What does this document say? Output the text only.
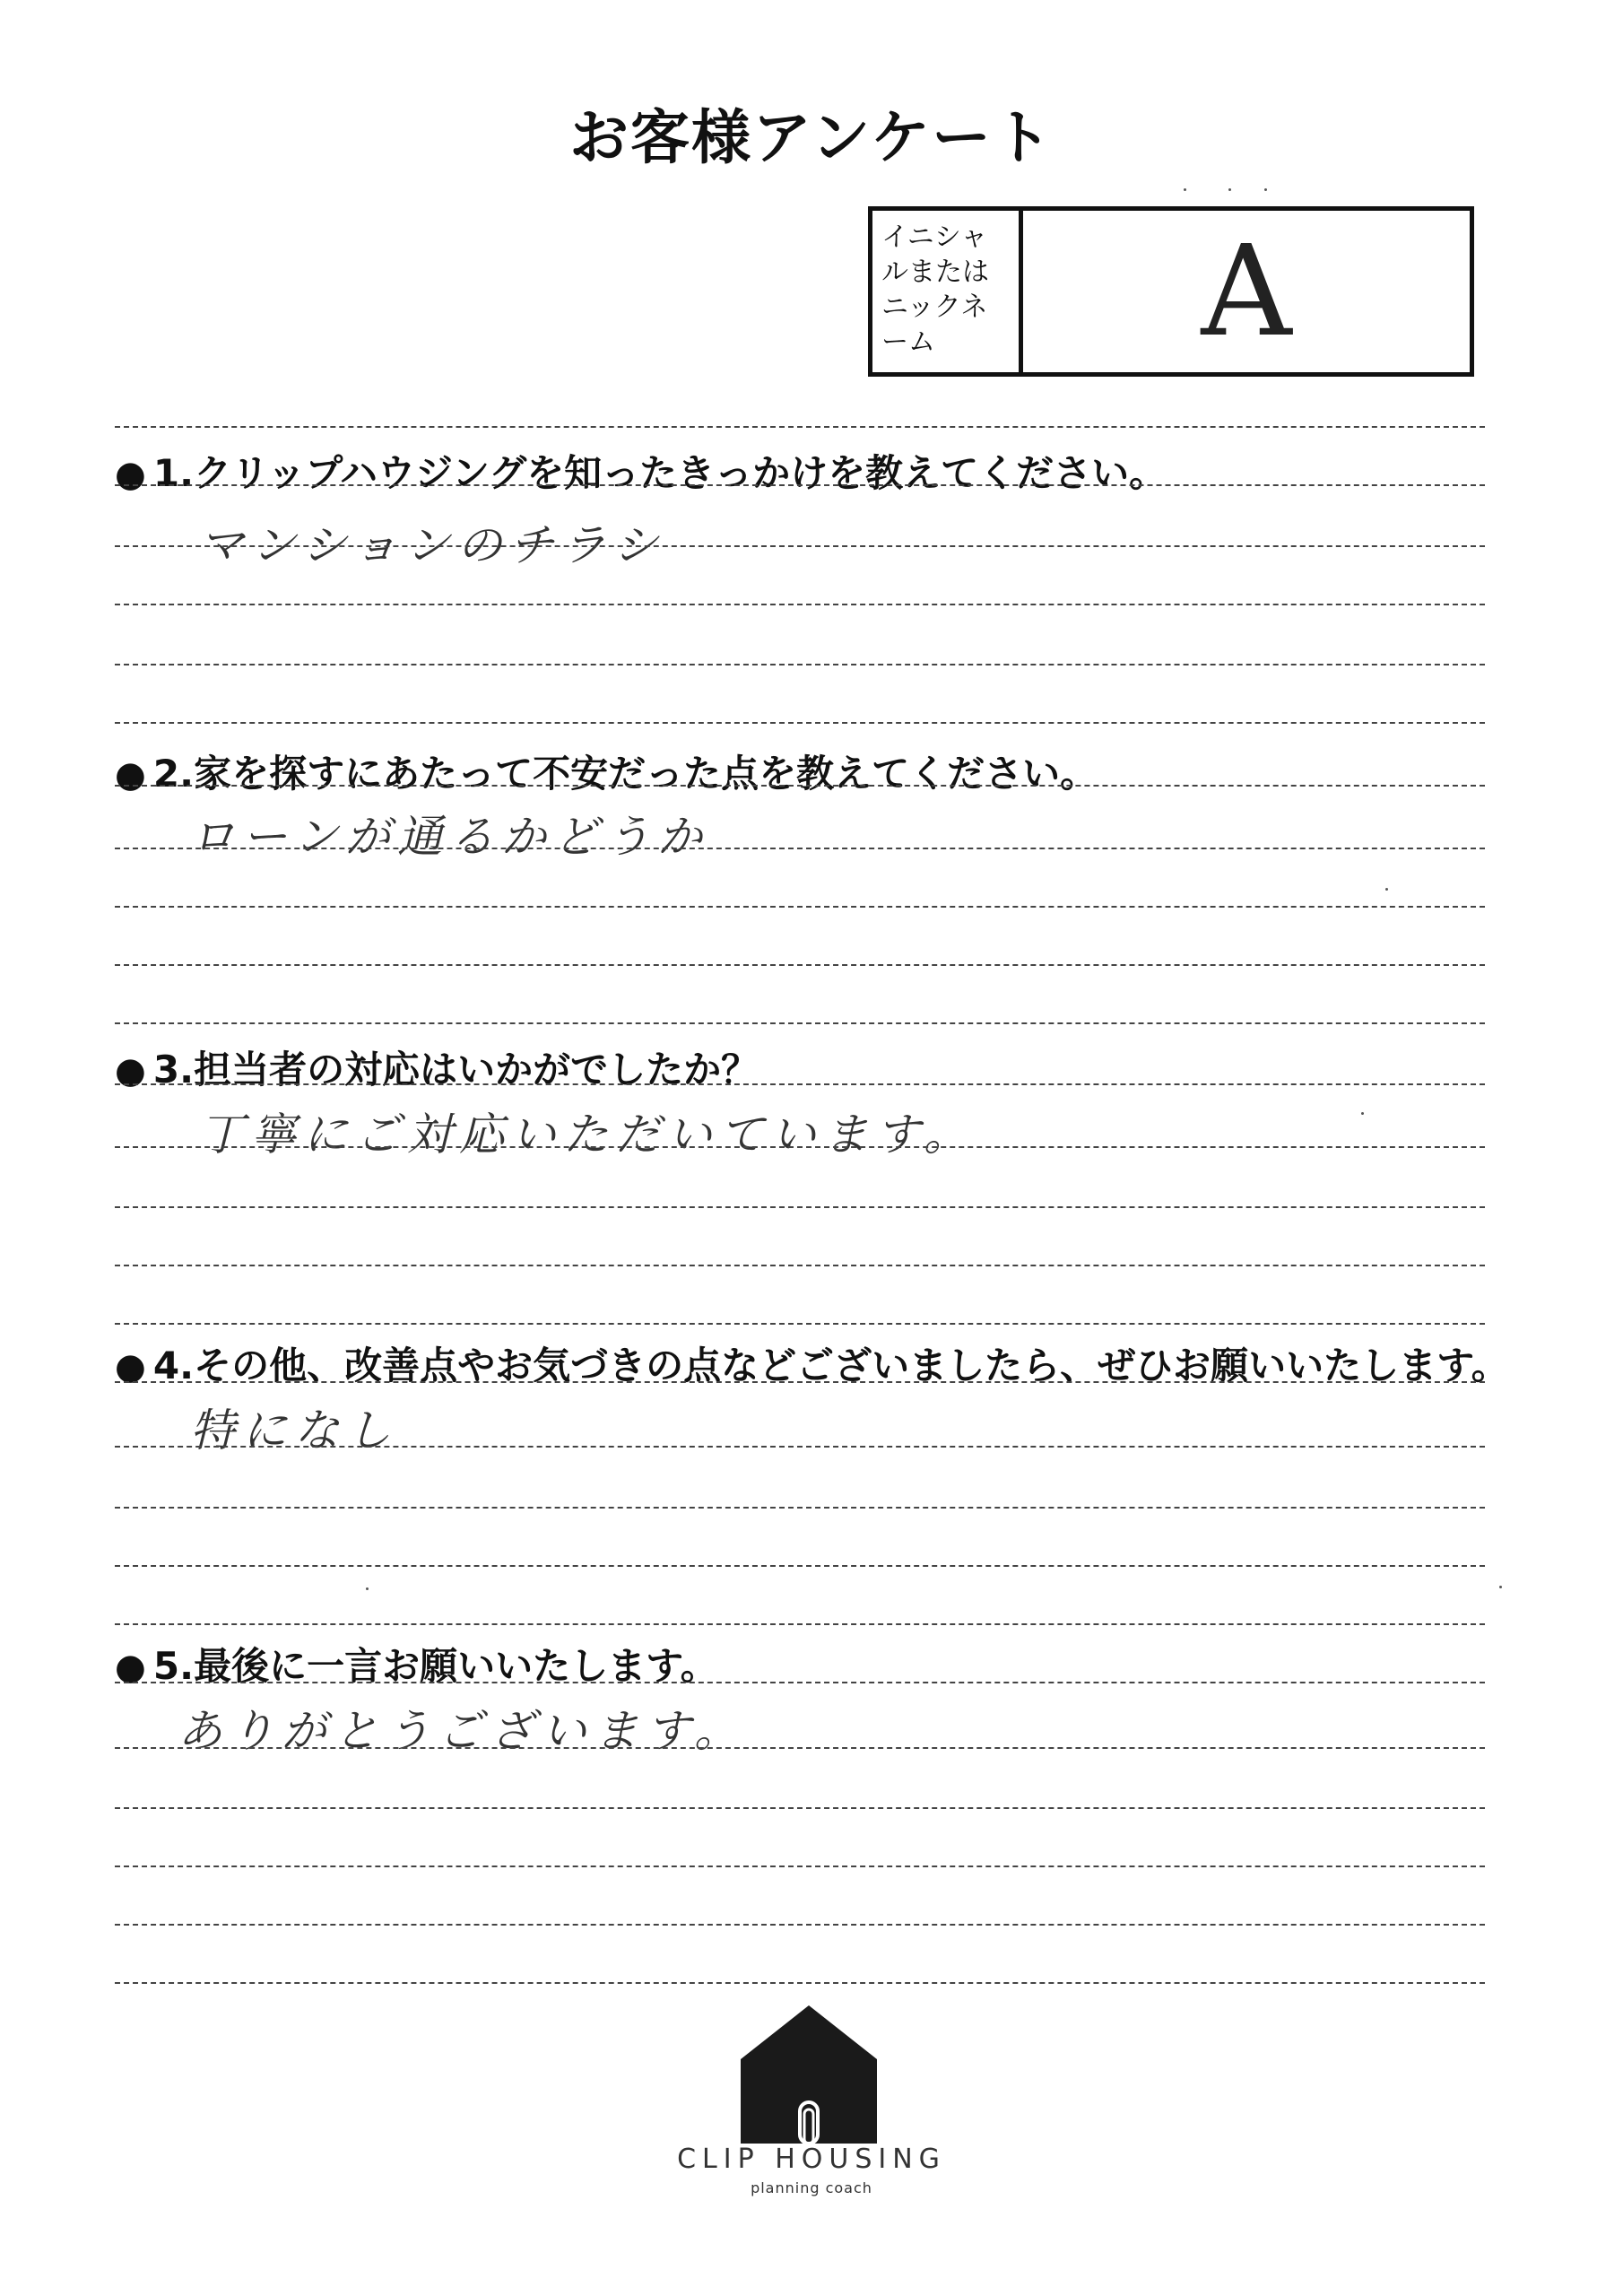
お客様アンケート
イニシャルまたはニックネーム	A
● 1.クリップハウジングを知ったきっかけを教えてください。
マンションのチラシ
● 2.家を探すにあたって不安だった点を教えてください。
ローンが通るかどうか
● 3.担当者の対応はいかがでしたか？
丁寧にご対応いただいています。
● 4.その他、改善点やお気づきの点などございましたら、ぜひお願いいたします。
特になし
● 5.最後に一言お願いいたします。
ありがとうございます。
CLIP HOUSING
planning coach
